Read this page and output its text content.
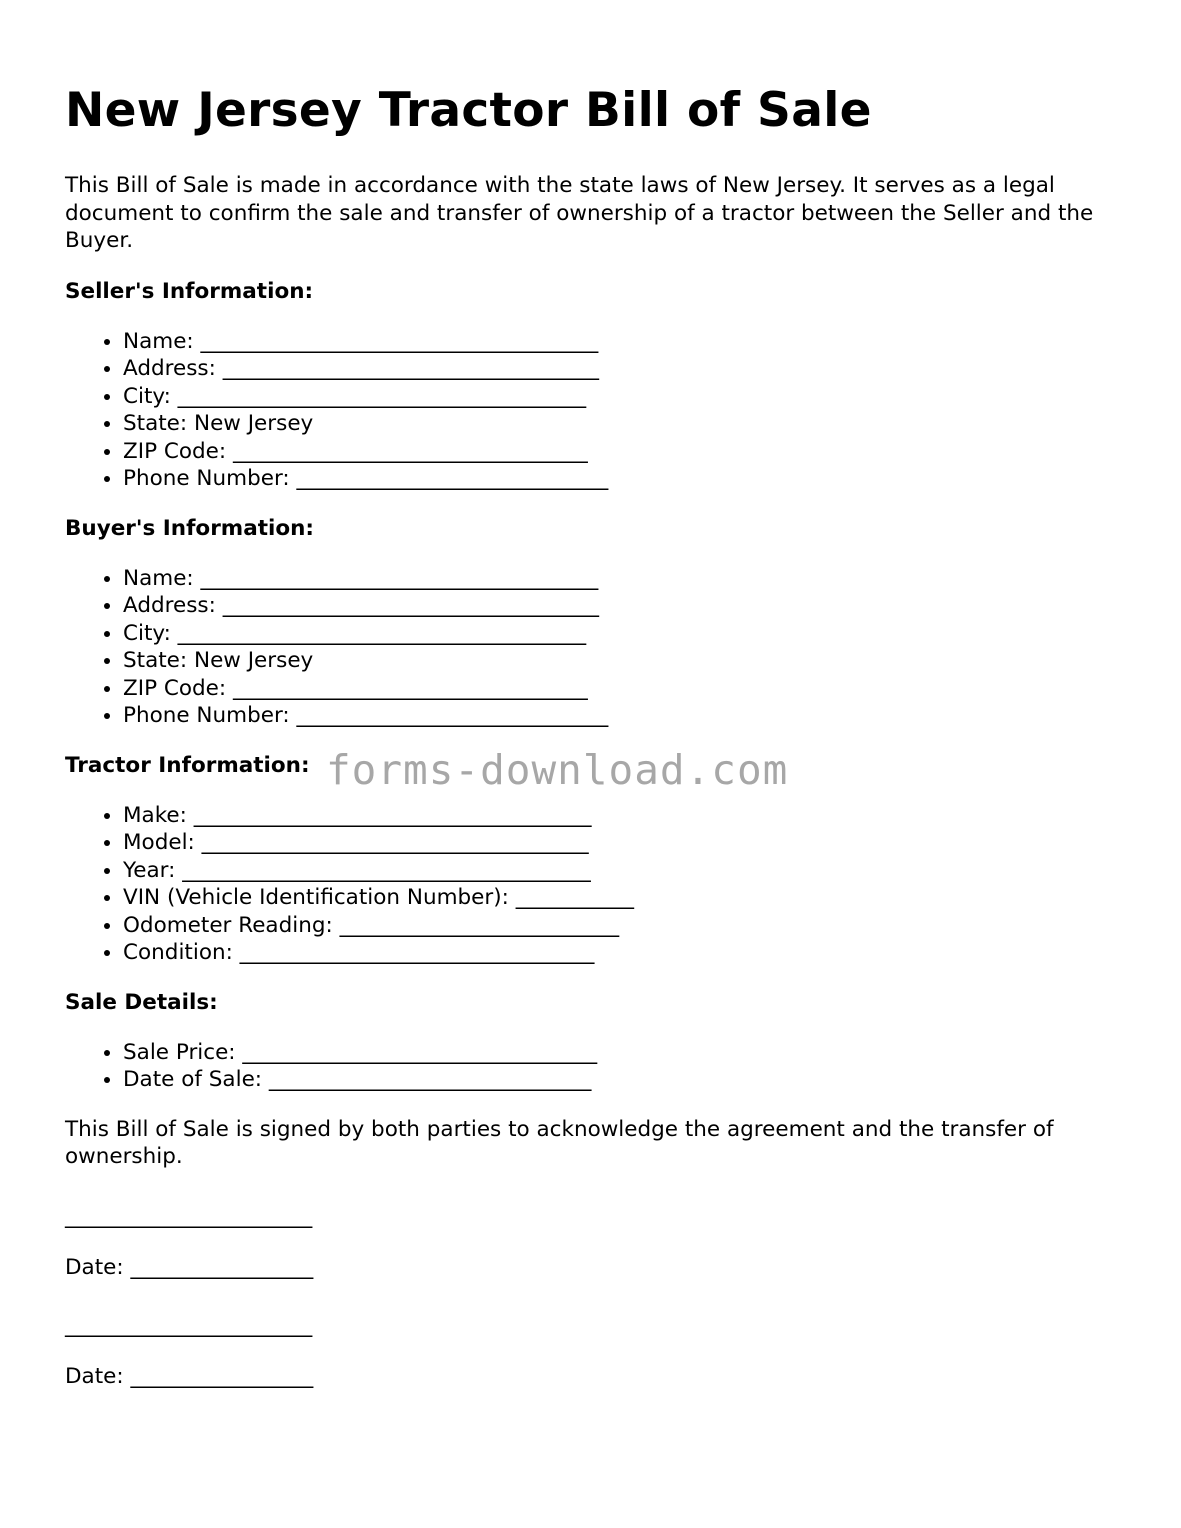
New Jersey Tractor Bill of Sale

This Bill of Sale is made in accordance with the state laws of New Jersey. It serves as a legal document to confirm the sale and transfer of ownership of a tractor between the Seller and the Buyer.

Seller's Information:
• Name: _____________________________________
• Address: ___________________________________
• City: ______________________________________
• State: New Jersey
• ZIP Code: _________________________________
• Phone Number: _____________________________
Buyer's Information:
• Name: _____________________________________
• Address: ___________________________________
• City: ______________________________________
• State: New Jersey
• ZIP Code: _________________________________
• Phone Number: _____________________________
Tractor Information:
• Make: _____________________________________
• Model: ____________________________________
• Year: ______________________________________
• VIN (Vehicle Identification Number): ___________
• Odometer Reading: __________________________
• Condition: _________________________________
Sale Details:
• Sale Price: _________________________________
• Date of Sale: ______________________________

This Bill of Sale is signed by both parties to acknowledge the agreement and the transfer of ownership.

_______________________
Date: _________________
_______________________
Date: _________________
forms-download.com
